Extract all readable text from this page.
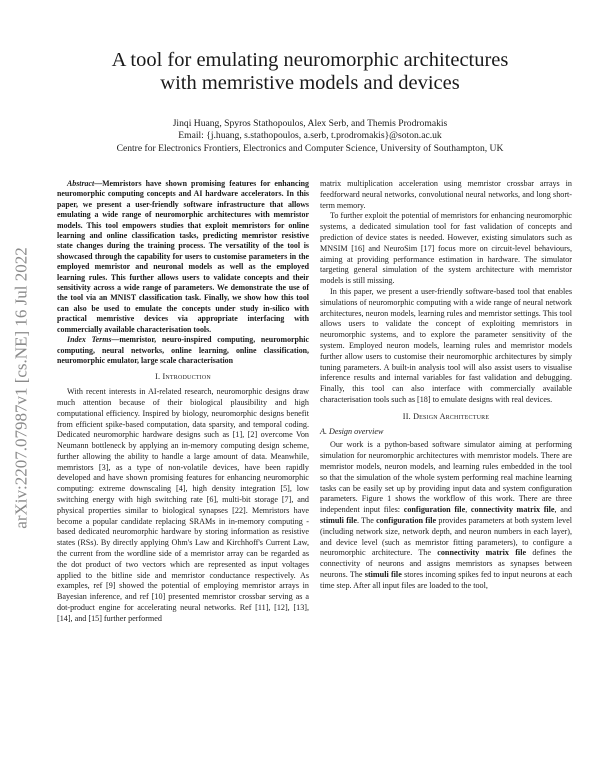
arXiv:2207.07987v1 [cs.NE] 16 Jul 2022
A tool for emulating neuromorphic architectures
with memristive models and devices
Jinqi Huang, Spyros Stathopoulos, Alex Serb, and Themis Prodromakis
Email: {j.huang, s.stathopoulos, a.serb, t.prodromakis}@soton.ac.uk
Centre for Electronics Frontiers, Electronics and Computer Science, University of Southampton, UK

Abstract—Memristors have shown promising features for enhancing neuromorphic computing concepts and AI hardware accelerators. In this paper, we present a user-friendly software infrastructure that allows emulating a wide range of neuromorphic architectures with memristor models. This tool empowers studies that exploit memristors for online learning and online classification tasks, predicting memristor resistive state changes during the training process. The versatility of the tool is showcased through the capability for users to customise parameters in the employed memristor and neuronal models as well as the employed learning rules. This further allows users to validate concepts and their sensitivity across a wide range of parameters. We demonstrate the use of the tool via an MNIST classification task. Finally, we show how this tool can also be used to emulate the concepts under study in-silico with practical memristive devices via appropriate interfacing with commercially available characterisation tools.

Index Terms—memristor, neuro-inspired computing, neuromorphic computing, neural networks, online learning, online classification, neuromorphic emulator, large scale characterisation

I. Introduction

With recent interests in AI-related research, neuromorphic designs draw much attention because of their biological plausibility and high computational efficiency. Inspired by biology, neuromorphic designs benefit from efficient spike-based computation, data sparsity, and temporal coding. Dedicated neuromorphic hardware designs such as [1], [2] overcome Von Neumann bottleneck by applying an in-memory computing design scheme, further allowing the ability to handle a large amount of data. Meanwhile, memristors [3], as a type of non-volatile devices, have been rapidly developed and have shown promising features for enhancing neuromorphic computing: extreme downscaling [4], high density integration [5], low switching energy with high switching rate [6], multi-bit storage [7], and physical properties similar to biological synapses [22]. Memristors have become a popular candidate replacing SRAMs in in-memory computing -based dedicated neuromorphic hardware by storing information as resistive states (RSs). By directly applying Ohm's Law and Kirchhoff's Current Law, the current from the wordline side of a memristor array can be regarded as the dot product of two vectors which are represented as input voltages applied to the bitline side and memristor conductance respectively. As examples, ref [9] showed the potential of employing memristor arrays in Bayesian inference, and ref [10] presented memristor crossbar serving as a dot-product engine for accelerating neural networks. Ref [11], [12], [13], [14], and [15] further performed

matrix multiplication acceleration using memristor crossbar arrays in feedforward neural networks, convolutional neural networks, and long short-term memory.

To further exploit the potential of memristors for enhancing neuromorphic systems, a dedicated simulation tool for fast validation of concepts and prediction of device states is needed. However, existing simulators such as MNSIM [16] and NeuroSim [17] focus more on circuit-level behaviours, aiming at providing performance estimation in hardware. The simulator targeting general simulation of the system architecture with memristor models is still missing.

In this paper, we present a user-friendly software-based tool that enables simulations of neuromorphic computing with a wide range of neural network architectures, neuron models, learning rules and memristor settings. This tool allows users to validate the concept of exploiting memristors in neuromorphic systems, and to explore the parameter sensitivity of the system. Employed neuron models, learning rules and memristor models further allow users to customise their neuromorphic architectures by simply tuning parameters. A built-in analysis tool will also assist users to visualise inference results and internal variables for fast validation and debugging. Finally, this tool can also interface with commercially available characterisation tools such as [18] to emulate designs with real devices.

II. Design Architecture
A. Design overview

Our work is a python-based software simulator aiming at performing simulation for neuromorphic architectures with memristor models. There are memristor models, neuron models, and learning rules embedded in the tool so that the simulation of the whole system performing real machine learning tasks can be easily set up by providing input data and system configuration parameters. Figure 1 shows the workflow of this work. There are three independent input files: configuration file, connectivity matrix file, and stimuli file. The configuration file provides parameters at both system level (including network size, network depth, and neuron numbers in each layer), and device level (such as memristor fitting parameters), to configure a neuromorphic architecture. The connectivity matrix file defines the connectivity of neurons and assigns memristors as synapses between neurons. The stimuli file stores incoming spikes fed to input neurons at each time step. After all input files are loaded to the tool,
